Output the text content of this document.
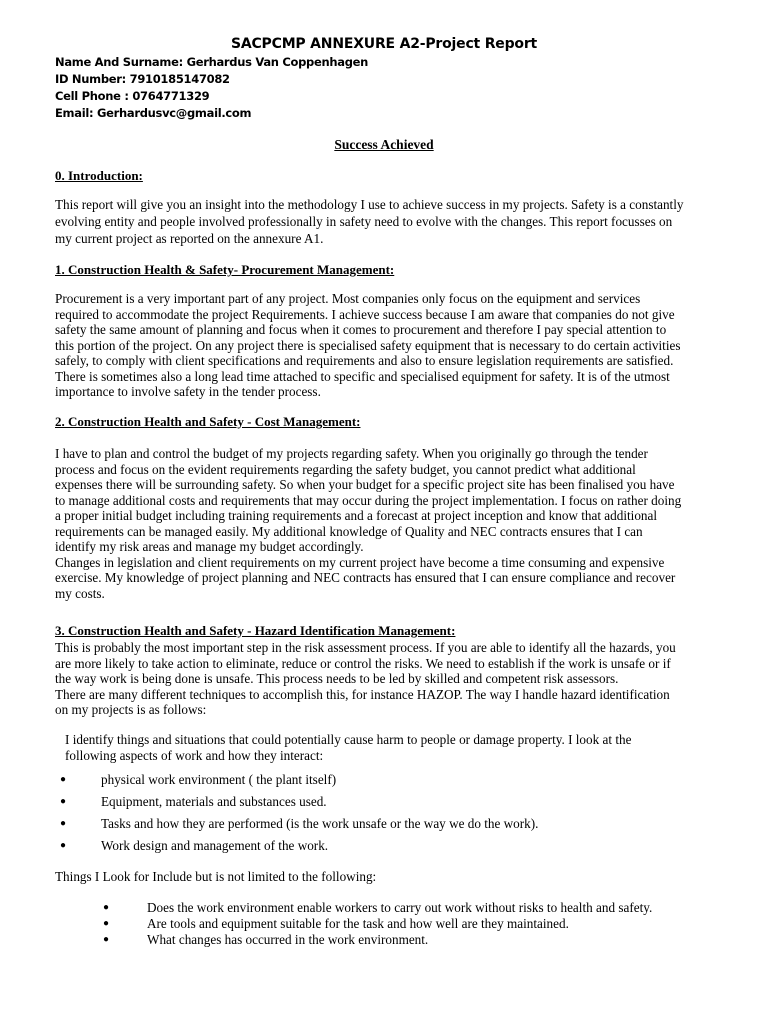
SACPCMP ANNEXURE A2-Project Report
Name And Surname: Gerhardus Van Coppenhagen
ID Number: 7910185147082
Cell Phone : 0764771329
Email: Gerhardusvc@gmail.com
Success Achieved
0. Introduction:
This report will give you an insight into the methodology I use to achieve success in my projects. Safety is a constantly
evolving entity and people involved professionally in safety need to evolve with the changes. This report focusses on
my current project as reported on the annexure A1.
1. Construction Health & Safety- Procurement Management:
Procurement is a very important part of any project. Most companies only focus on the equipment and services
required to accommodate the project Requirements. I achieve success because I am aware that companies do not give
safety the same amount of planning and focus when it comes to procurement and therefore I pay special attention to
this portion of the project. On any project there is specialised safety equipment that is necessary to do certain activities
safely, to comply with client specifications and requirements and also to ensure legislation requirements are satisfied.
There is sometimes also a long lead time attached to specific and specialised equipment for safety. It is of the utmost
importance to involve safety in the tender process.
2. Construction Health and Safety - Cost Management:
I have to plan and control the budget of my projects regarding safety. When you originally go through the tender
process and focus on the evident requirements regarding the safety budget, you cannot predict what additional
expenses there will be surrounding safety. So when your budget for a specific project site has been finalised you have
to manage additional costs and requirements that may occur during the project implementation. I focus on rather doing
a proper initial budget including training requirements and a forecast at project inception and know that additional
requirements can be managed easily. My additional knowledge of Quality and NEC contracts ensures that I can
identify my risk areas and manage my budget accordingly.
Changes in legislation and client requirements on my current project have become a time consuming and expensive
exercise. My knowledge of project planning and NEC contracts has ensured that I can ensure compliance and recover
my costs.
3. Construction Health and Safety - Hazard Identification Management:
This is probably the most important step in the risk assessment process. If you are able to identify all the hazards, you
are more likely to take action to eliminate, reduce or control the risks. We need to establish if the work is unsafe or if
the way work is being done is unsafe. This process needs to be led by skilled and competent risk assessors.
There are many different techniques to accomplish this, for instance HAZOP. The way I handle hazard identification
on my projects is as follows:
I identify things and situations that could potentially cause harm to people or damage property. I look at the
following aspects of work and how they interact:
●	physical work environment ( the plant itself)
●	Equipment, materials and substances used.
●	Tasks and how they are performed (is the work unsafe or the way we do the work).
●	Work design and management of the work.
Things I Look for Include but is not limited to the following:
●	Does the work environment enable workers to carry out work without risks to health and safety.
●	Are tools and equipment suitable for the task and how well are they maintained.
●	What changes has occurred in the work environment.
